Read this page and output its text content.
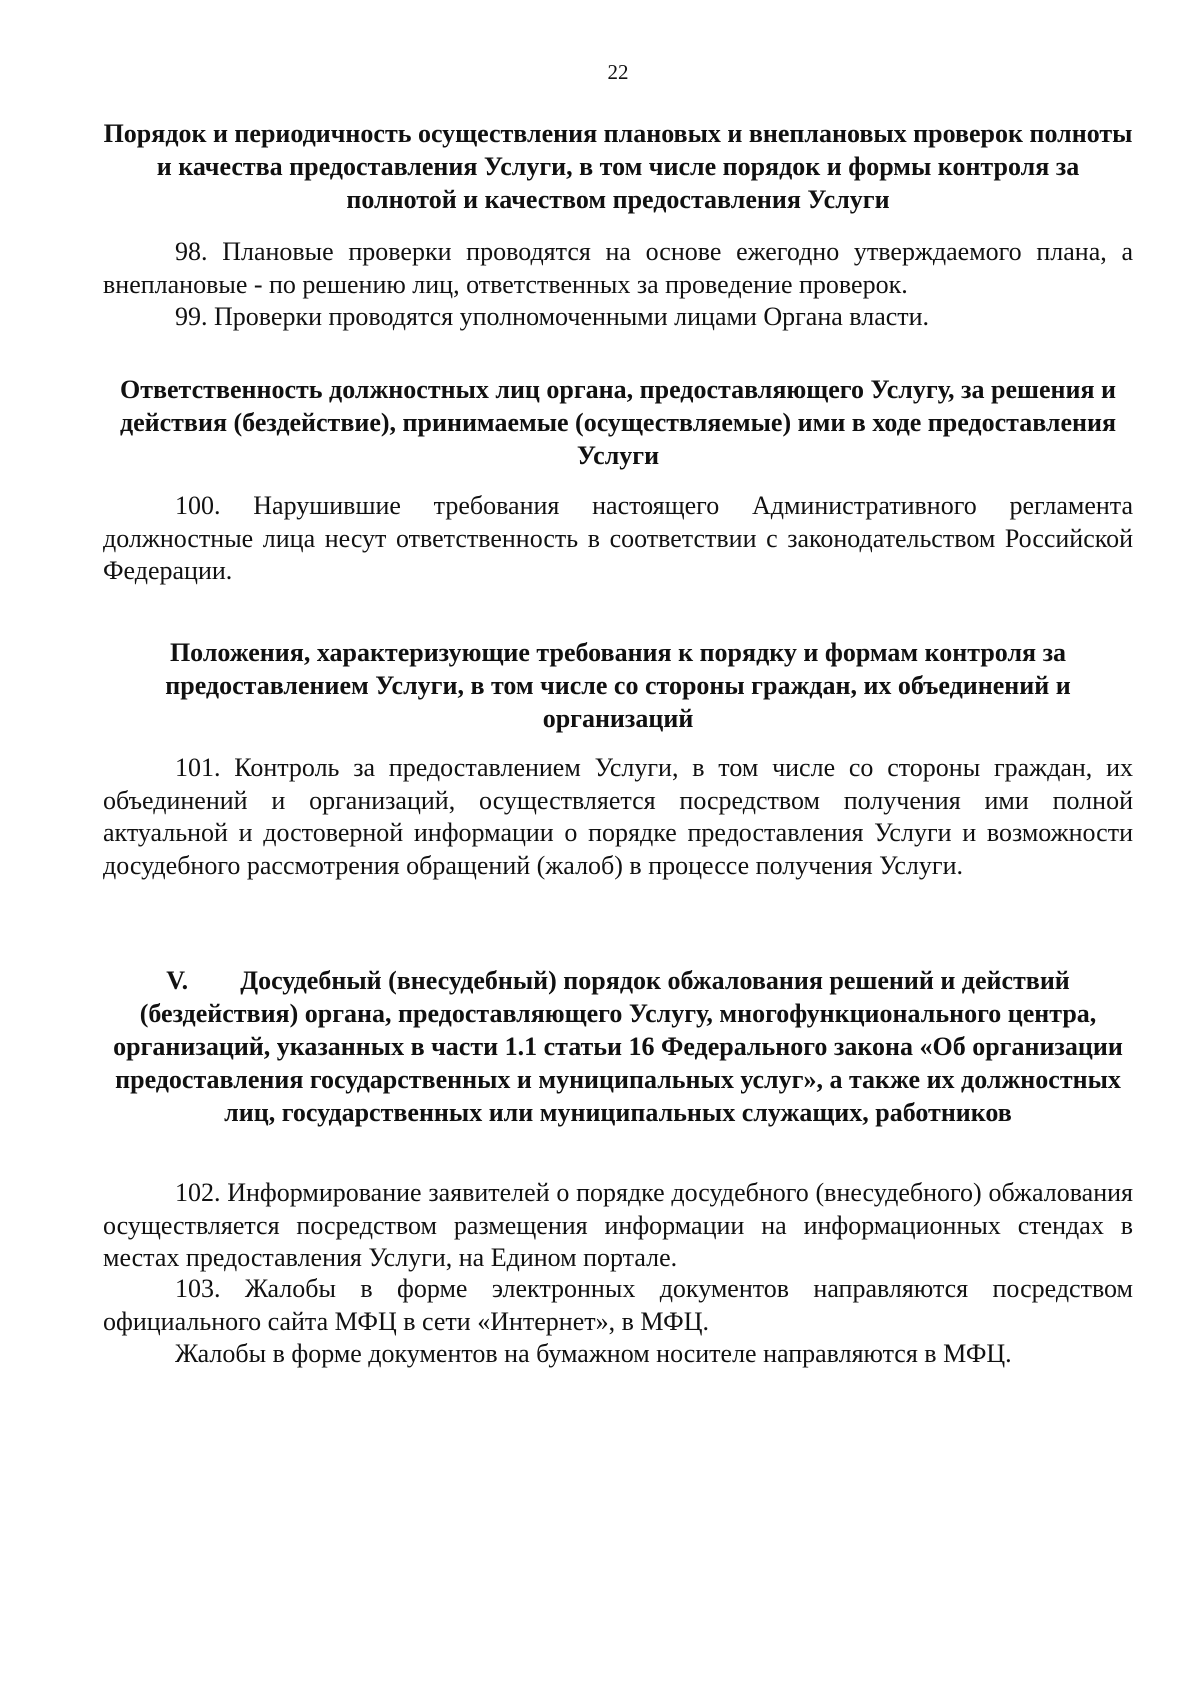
22

Порядок и периодичность осуществления плановых и внеплановых проверок полноты и качества предоставления Услуги, в том числе порядок и формы контроля за полнотой и качеством предоставления Услуги

98. Плановые проверки проводятся на основе ежегодно утверждаемого плана, а внеплановые - по решению лиц, ответственных за проведение проверок.

99. Проверки проводятся уполномоченными лицами Органа власти.

Ответственность должностных лиц органа, предоставляющего Услугу, за решения и действия (бездействие), принимаемые (осуществляемые) ими в ходе предоставления Услуги

100. Нарушившие требования настоящего Административного регламента должностные лица несут ответственность в соответствии с законодательством Российской Федерации.

Положения, характеризующие требования к порядку и формам контроля за предоставлением Услуги, в том числе со стороны граждан, их объединений и организаций

101. Контроль за предоставлением Услуги, в том числе со стороны граждан, их объединений и организаций, осуществляется посредством получения ими полной актуальной и достоверной информации о порядке предоставления Услуги и возможности досудебного рассмотрения обращений (жалоб) в процессе получения Услуги.

V. Досудебный (внесудебный) порядок обжалования решений и действий (бездействия) органа, предоставляющего Услугу, многофункционального центра, организаций, указанных в части 1.1 статьи 16 Федерального закона «Об организации предоставления государственных и муниципальных услуг», а также их должностных лиц, государственных или муниципальных служащих, работников

102. Информирование заявителей о порядке досудебного (внесудебного) обжалования осуществляется посредством размещения информации на информационных стендах в местах предоставления Услуги, на Едином портале.

103. Жалобы в форме электронных документов направляются посредством официального сайта МФЦ в сети «Интернет», в МФЦ.

Жалобы в форме документов на бумажном носителе направляются в МФЦ.
